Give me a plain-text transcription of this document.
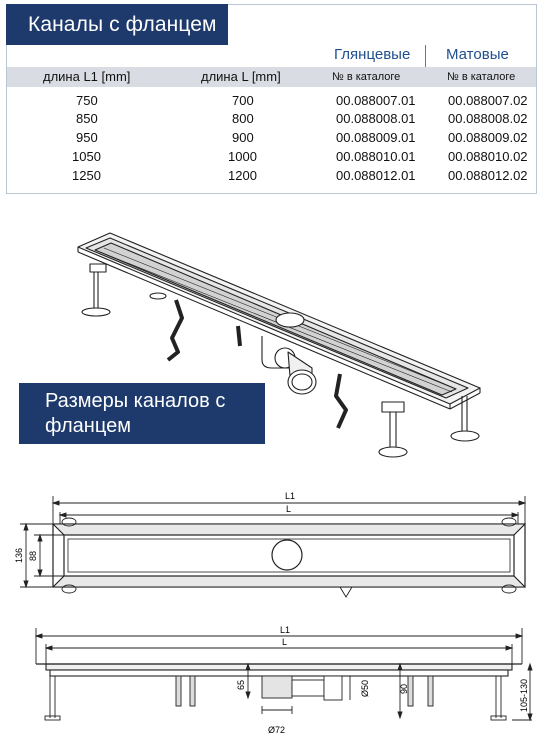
Каналы с фланцем
Глянцевые Матовые
длина L1 [mm]	длина L [mm]	№ в каталоге	№ в каталоге
750	700	00.088007.01 00.088007.02
850	800	00.088008.01 00.088008.02
950	900	00.088009.01 00.088009.02
1050	1000	00.088010.01 00.088010.02
1250	1200	00.088012.01 00.088012.02
Размеры каналов с
фланцем
L1
L
136 88
L1
L
65	Ø50	90
Ø72
105-130
